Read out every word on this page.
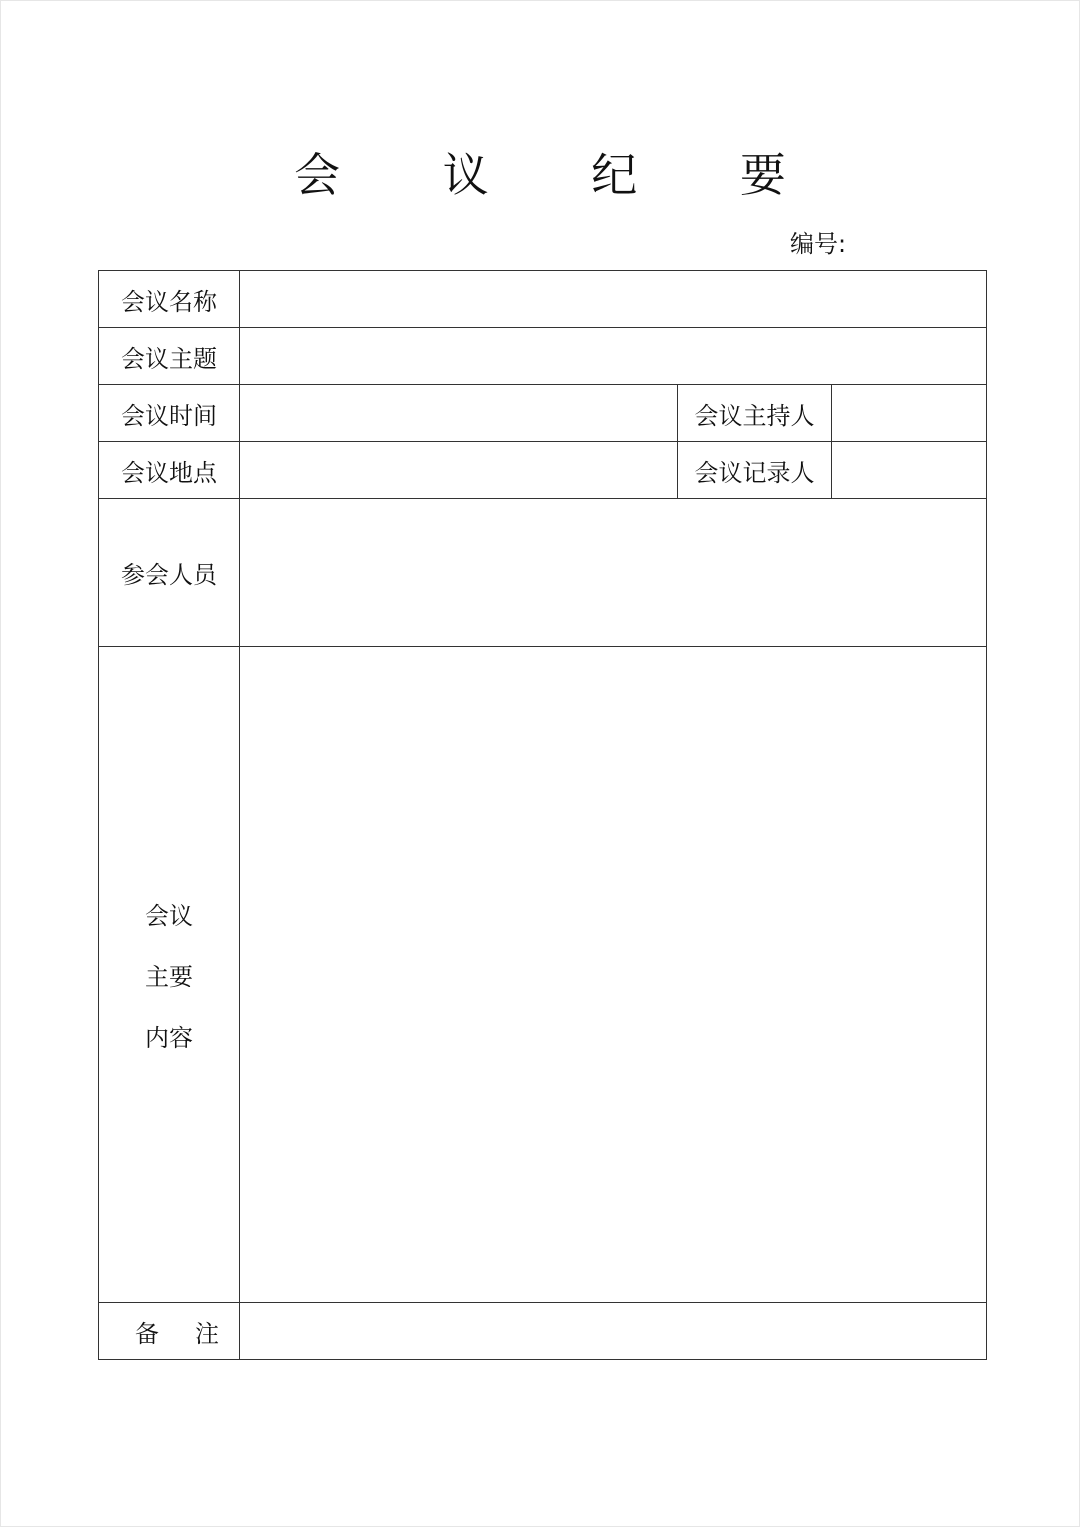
会 议 纪 要
编号:
会议名称			
会议主题			
会议时间		会议主持人	
会议地点		会议记录人	
参会人员			

会议
主要
内容			

备注			
